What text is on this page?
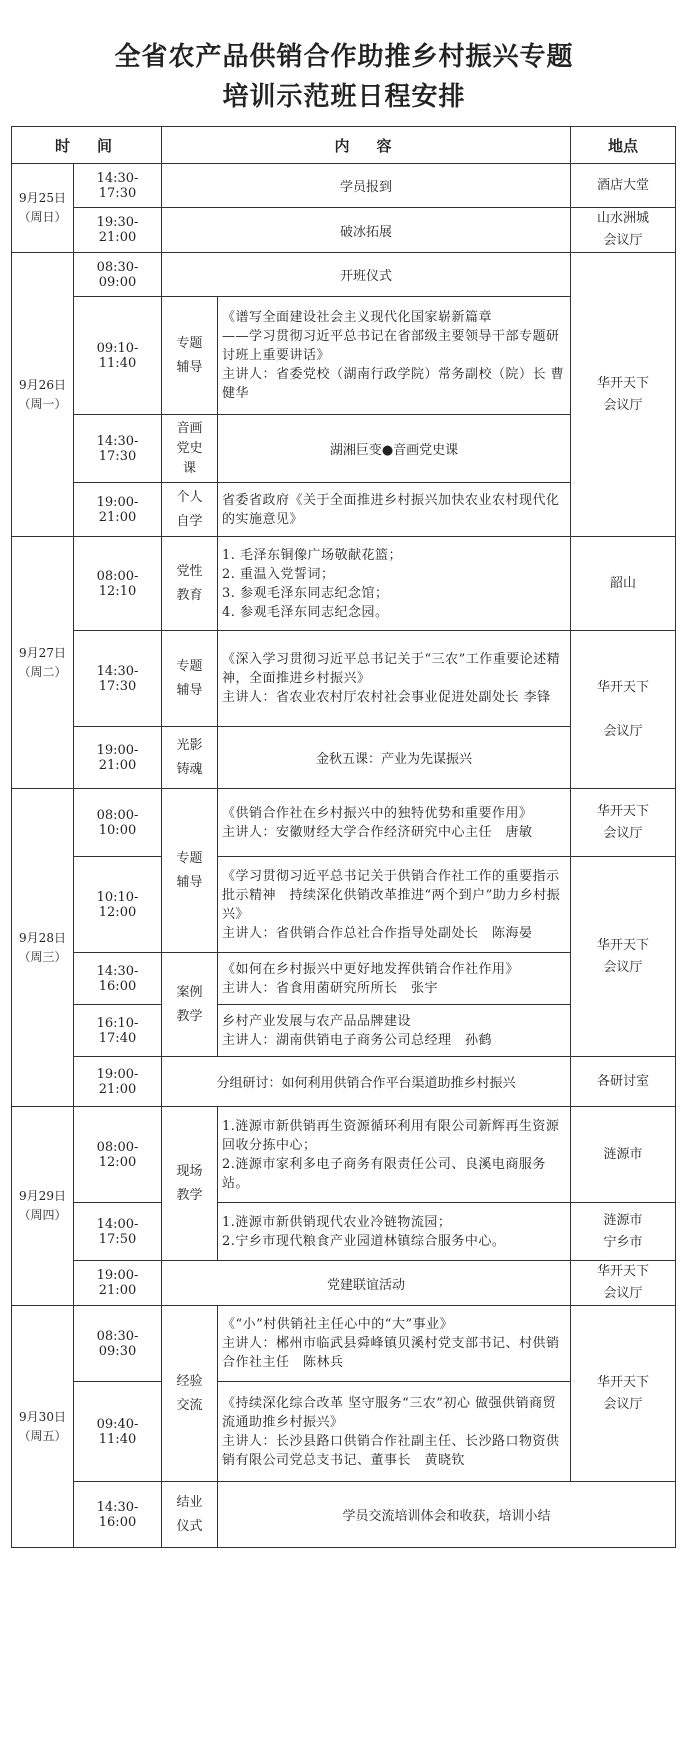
全省农产品供销合作助推乡村振兴专题
培训示范班日程安排
时　间		内　容		地点

9月25日
（周日）	14:30-17:30	学员报到		酒店大堂
	19:30-21:00	破冰拓展		山水洲城
会议厅

9月26日
（周一）	08:30-09:00	开班仪式		华开天下
会议厅

	09:10-11:40	专题
辅导	《谱写全面建设社会主义现代化国家崭新篇章
——学习贯彻习近平总书记在省部级主要领导干部专题研讨班上重要讲话》
主讲人：省委党校（湖南行政学院）常务副校（院）长 曹健华	

	14:30-17:30	音画
党史
课	湖湘巨变●音画党史课	
	19:00-21:00	个人
自学	省委省政府《关于全面推进乡村振兴加快农业农村现代化的实施意见》	

9月27日
（周二）	08:00-12:10	党性
教育	1. 毛泽东铜像广场敬献花篮；
2. 重温入党誓词；
3. 参观毛泽东同志纪念馆；
4. 参观毛泽东同志纪念园。	韶山
	14:30-17:30	专题
辅导	《深入学习贯彻习近平总书记关于“三农”工作重要论述精神，全面推进乡村振兴》
主讲人：省农业农村厅农村社会事业促进处副处长 李锋	华开天下
会议厅

	19:00-21:00	光影
铸魂	金秋五课：产业为先谋振兴	

9月28日
（周三）	08:00-10:00	专题
辅导	《供销合作社在乡村振兴中的独特优势和重要作用》
主讲人：安徽财经大学合作经济研究中心主任　唐敏	华开天下
会议厅

	10:10-12:00		《学习贯彻习近平总书记关于供销合作社工作的重要指示批示精神　持续深化供销改革推进“两个到户”助力乡村振兴》
主讲人：省供销合作总社合作指导处副处长　陈海晏	华开天下
会议厅

	14:30-16:00	案例
教学	《如何在乡村振兴中更好地发挥供销合作社作用》
主讲人：省食用菌研究所所长　张宇	

	16:10-17:40		乡村产业发展与农产品品牌建设
主讲人：湖南供销电子商务公司总经理　孙鹤	

	19:00-21:00	分组研讨：如何利用供销合作平台渠道助推乡村振兴		各研讨室

9月29日
（周四）	08:00-12:00	现场
教学	1.涟源市新供销再生资源循环利用有限公司新辉再生资源回收分拣中心；
2.涟源市家利多电子商务有限责任公司、良溪电商服务站。	涟源市
	14:00-17:50		1.涟源市新供销现代农业冷链物流园；
2.宁乡市现代粮食产业园道林镇综合服务中心。	涟源市
宁乡市

	19:00-21:00	党建联谊活动		华开天下
会议厅

9月30日
（周五）	08:30-09:30	经验
交流	《“小”村供销社主任心中的“大”事业》
主讲人：郴州市临武县舜峰镇贝溪村党支部书记、村供销合作社主任　陈林兵	华开天下
会议厅

	09:40-11:40		《持续深化综合改革 坚守服务“三农”初心 做强供销商贸流通助推乡村振兴》
主讲人：长沙县路口供销合作社副主任、长沙路口物资供销有限公司党总支书记、董事长　黄晓钦	

	14:30-16:00	结业
仪式	学员交流培训体会和收获，培训小结	
